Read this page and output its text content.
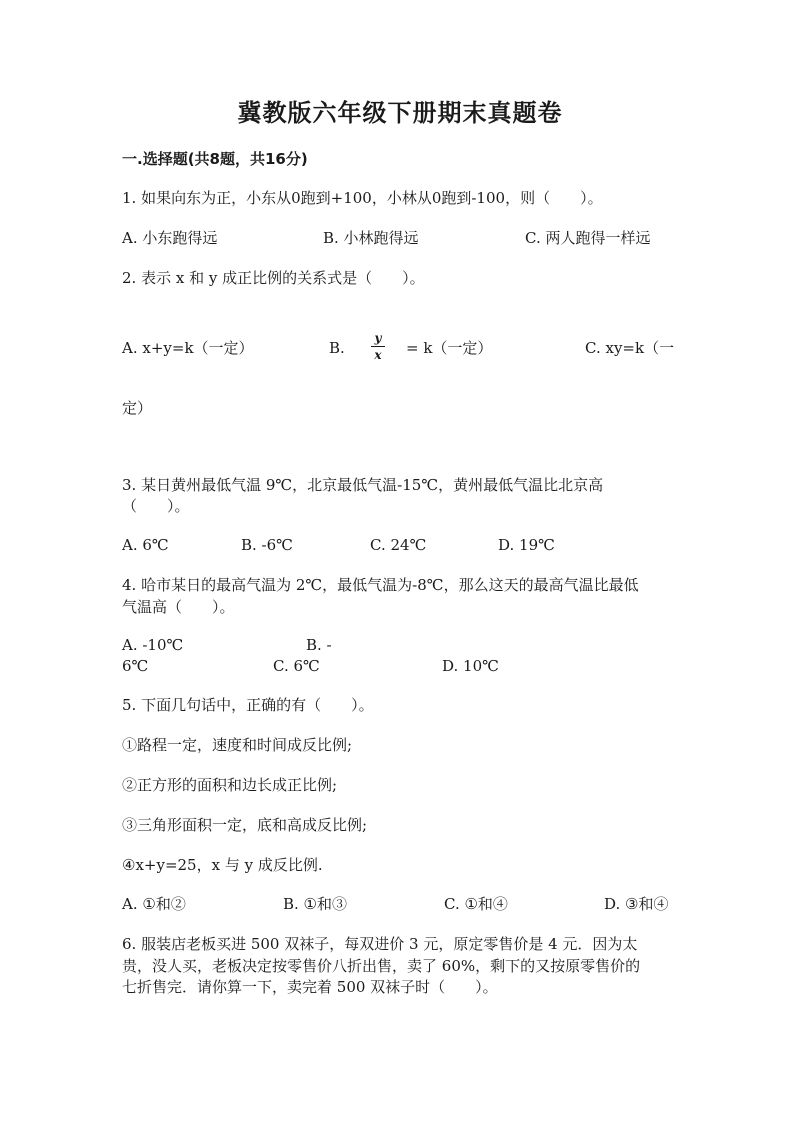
冀教版六年级下册期末真题卷
一.选择题(共8题，共16分)
1. 如果向东为正，小东从0跑到+100，小林从0跑到-100，则（　　）。
A. 小东跑得远	B. 小林跑得远	C. 两人跑得一样远
2. 表示 x 和 y 成正比例的关系式是（　　）。
A. x+y=k（一定）	B. $\frac{y}{x} = k$（一定）	C. xy=k（一
定）
3. 某日黄州最低气温 9℃，北京最低气温-15℃，黄州最低气温比北京高
（　　）。
A. 6℃	B. -6℃	C. 24℃	D. 19℃
4. 哈市某日的最高气温为 2℃，最低气温为-8℃，那么这天的最高气温比最低
气温高（　　）。
A. -10℃	B. -
6℃	C. 6℃	D. 10℃
5. 下面几句话中，正确的有（　　）。
①路程一定，速度和时间成反比例;
②正方形的面积和边长成正比例;
③三角形面积一定，底和高成反比例;
④x+y=25，x 与 y 成反比例.
A. ①和②	B. ①和③	C. ①和④	D. ③和④
6. 服装店老板买进 500 双袜子，每双进价 3 元，原定零售价是 4 元．因为太
贵，没人买，老板决定按零售价八折出售，卖了 60%，剩下的又按原零售价的
七折售完．请你算一下，卖完着 500 双袜子时（　　）。
